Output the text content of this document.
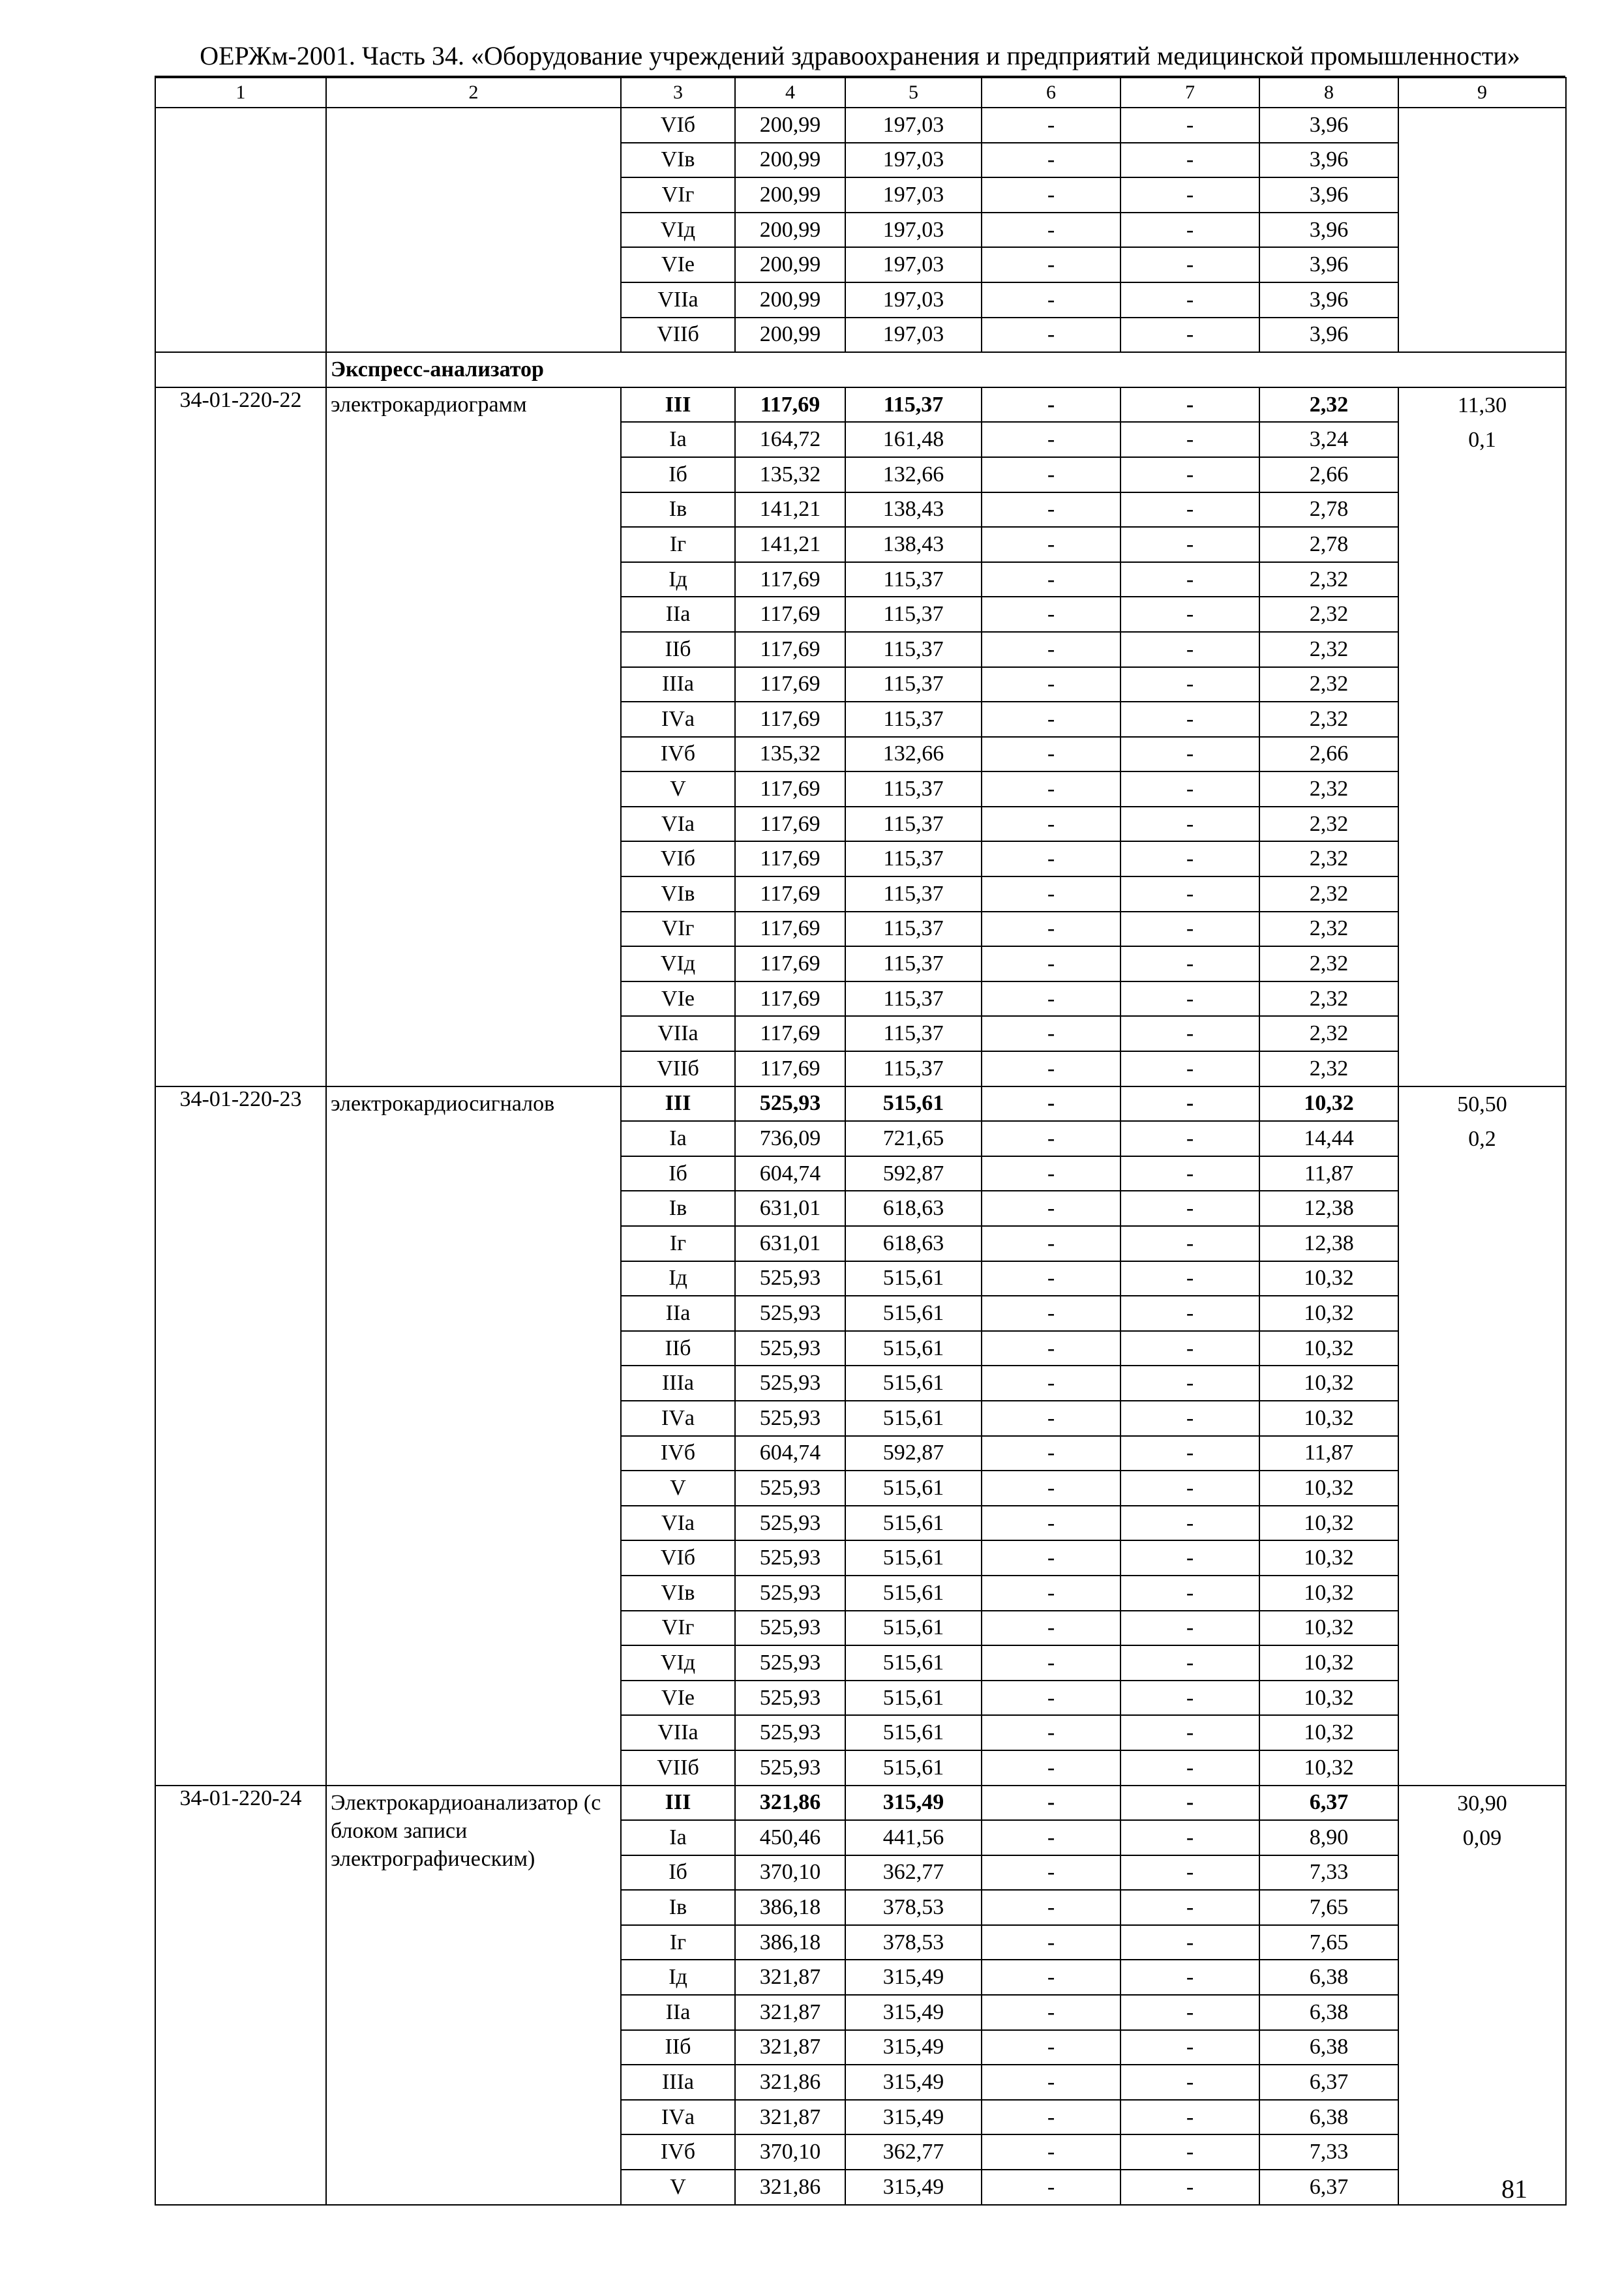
ОЕРЖм-2001. Часть 34. «Оборудование учреждений здравоохранения и предприятий медицинской промышленности»
1	2	3	4	5	6	7	8	9
		VIб	200,99	197,03	-	-	3,96	
		VIв	200,99	197,03	-	-	3,96	
		VIг	200,99	197,03	-	-	3,96	
		VIд	200,99	197,03	-	-	3,96	
		VIе	200,99	197,03	-	-	3,96	
		VIIа	200,99	197,03	-	-	3,96	
		VIIб	200,99	197,03	-	-	3,96	
	Экспресс-анализатор							
34-01-220-22	электрокардиограмм	III	117,69	115,37	-	-	2,32	11,30
0,1

		Iа	164,72	161,48	-	-	3,24	
		Iб	135,32	132,66	-	-	2,66	
		Iв	141,21	138,43	-	-	2,78	
		Iг	141,21	138,43	-	-	2,78	
		Iд	117,69	115,37	-	-	2,32	
		IIа	117,69	115,37	-	-	2,32	
		IIб	117,69	115,37	-	-	2,32	
		IIIа	117,69	115,37	-	-	2,32	
		IVа	117,69	115,37	-	-	2,32	
		IVб	135,32	132,66	-	-	2,66	
		V	117,69	115,37	-	-	2,32	
		VIа	117,69	115,37	-	-	2,32	
		VIб	117,69	115,37	-	-	2,32	
		VIв	117,69	115,37	-	-	2,32	
		VIг	117,69	115,37	-	-	2,32	
		VIд	117,69	115,37	-	-	2,32	
		VIе	117,69	115,37	-	-	2,32	
		VIIа	117,69	115,37	-	-	2,32	
		VIIб	117,69	115,37	-	-	2,32	
34-01-220-23	электрокардиосигналов	III	525,93	515,61	-	-	10,32	50,50
0,2

		Iа	736,09	721,65	-	-	14,44	
		Iб	604,74	592,87	-	-	11,87	
		Iв	631,01	618,63	-	-	12,38	
		Iг	631,01	618,63	-	-	12,38	
		Iд	525,93	515,61	-	-	10,32	
		IIа	525,93	515,61	-	-	10,32	
		IIб	525,93	515,61	-	-	10,32	
		IIIа	525,93	515,61	-	-	10,32	
		IVа	525,93	515,61	-	-	10,32	
		IVб	604,74	592,87	-	-	11,87	
		V	525,93	515,61	-	-	10,32	
		VIа	525,93	515,61	-	-	10,32	
		VIб	525,93	515,61	-	-	10,32	
		VIв	525,93	515,61	-	-	10,32	
		VIг	525,93	515,61	-	-	10,32	
		VIд	525,93	515,61	-	-	10,32	
		VIе	525,93	515,61	-	-	10,32	
		VIIа	525,93	515,61	-	-	10,32	
		VIIб	525,93	515,61	-	-	10,32	
34-01-220-24	Электрокардиоанализатор (с блоком записи электрографическим)	III	321,86	315,49	-	-	6,37	30,90
0,09

		Iа	450,46	441,56	-	-	8,90	
		Iб	370,10	362,77	-	-	7,33	
		Iв	386,18	378,53	-	-	7,65	
		Iг	386,18	378,53	-	-	7,65	
		Iд	321,87	315,49	-	-	6,38	
		IIа	321,87	315,49	-	-	6,38	
		IIб	321,87	315,49	-	-	6,38	
		IIIа	321,86	315,49	-	-	6,37	
		IVа	321,87	315,49	-	-	6,38	
		IVб	370,10	362,77	-	-	7,33	
		V	321,86	315,49	-	-	6,37		81
